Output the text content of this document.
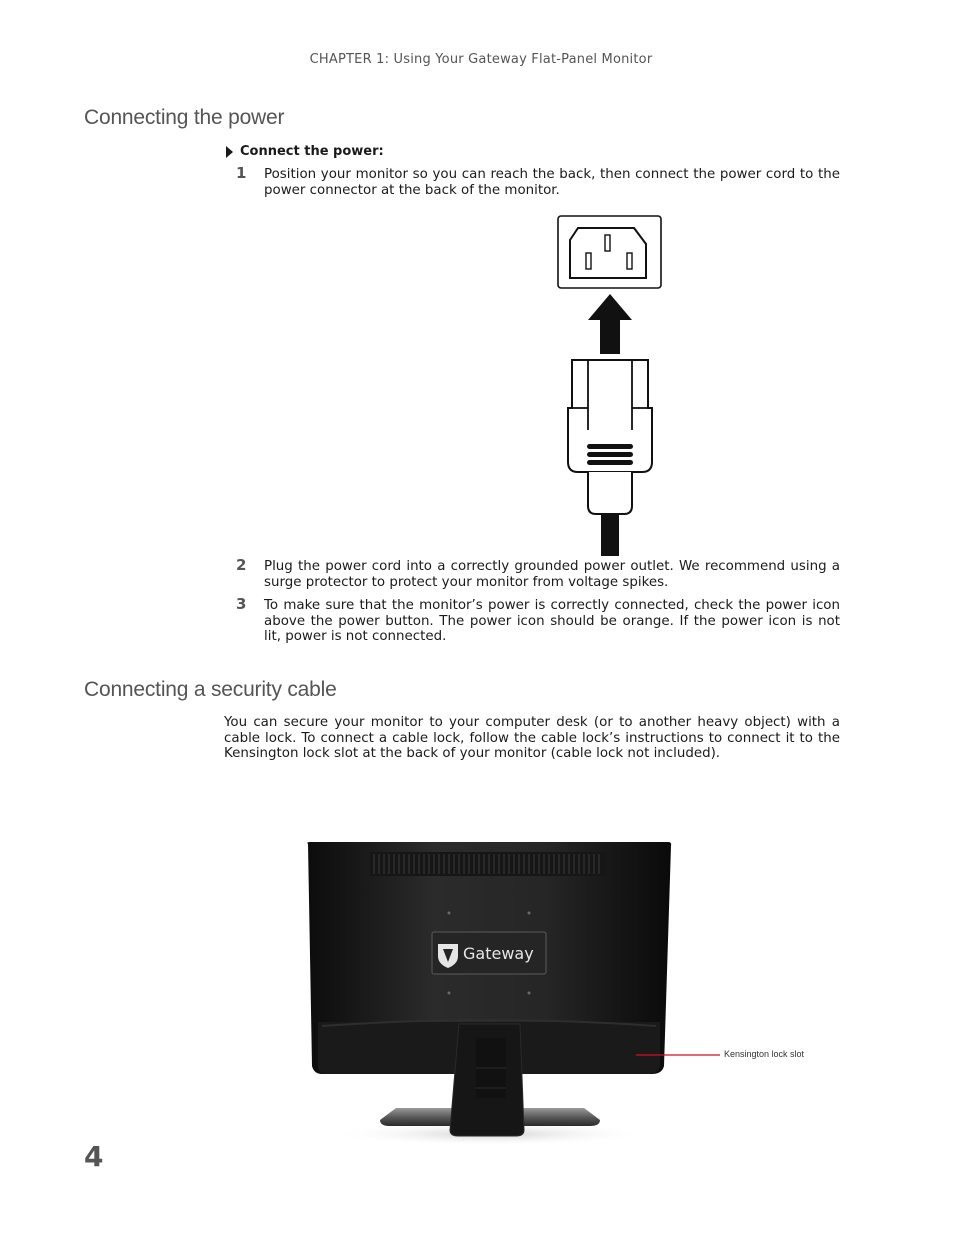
CHAPTER 1: Using Your Gateway Flat-Panel Monitor
Connecting the power
Connect the power:
1 Position your monitor so you can reach the back, then connect the power cord to the power connector at the back of the monitor.
2 Plug the power cord into a correctly grounded power outlet. We recommend using a surge protector to protect your monitor from voltage spikes.
3 To make sure that the monitor’s power is correctly connected, check the power icon above the power button. The power icon should be orange. If the power icon is not lit, power is not connected.
Connecting a security cable
You can secure your monitor to your computer desk (or to another heavy object) with a cable lock. To connect a cable lock, follow the cable lock’s instructions to connect it to the Kensington lock slot at the back of your monitor (cable lock not included).
Gateway
Kensington lock slot
4
